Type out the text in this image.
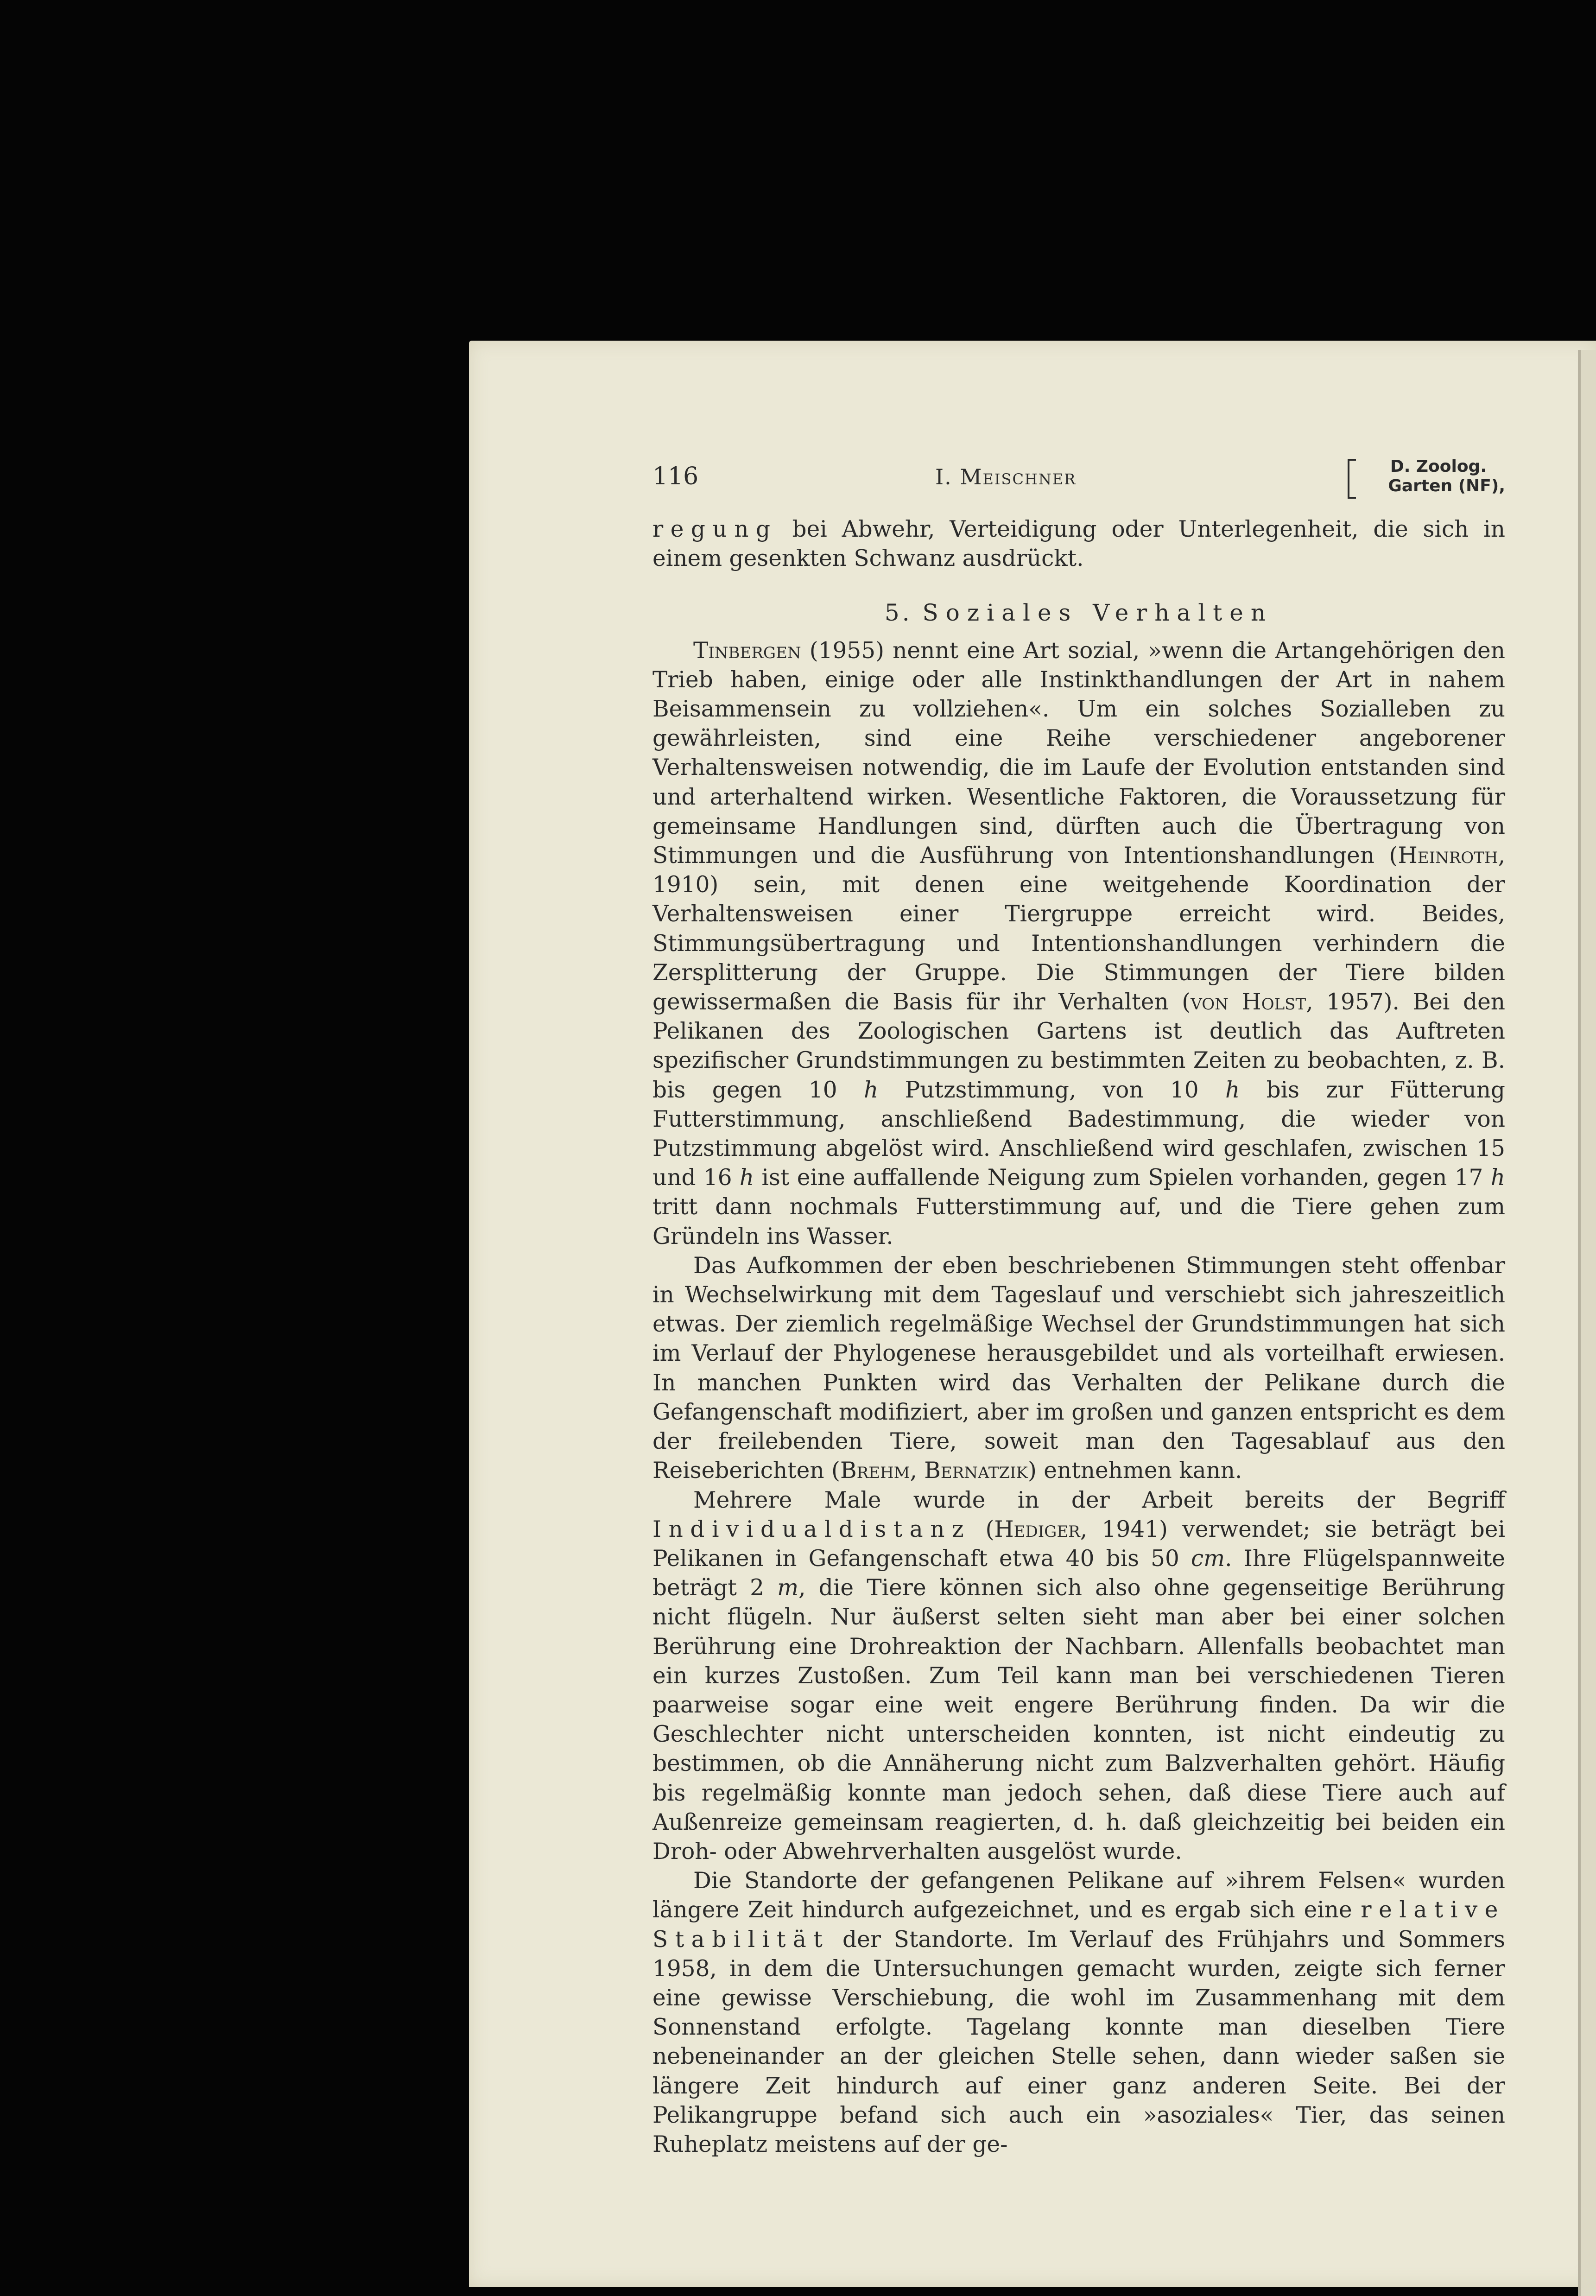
116	I. Meischner	D. Zoolog.
Garten (NF),

regung bei Abwehr, Verteidigung oder Unterlegenheit, die sich in einem gesenkten Schwanz ausdrückt.

5. Soziales Verhalten

Tinbergen (1955) nennt eine Art sozial, »wenn die Artangehörigen den Trieb haben, einige oder alle Instinkthandlungen der Art in nahem Beisammensein zu vollziehen«. Um ein solches Sozialleben zu gewährleisten, sind eine Reihe verschiedener angeborener Verhaltensweisen notwendig, die im Laufe der Evolution entstanden sind und arterhaltend wirken. Wesentliche Faktoren, die Voraussetzung für gemeinsame Handlungen sind, dürften auch die Übertragung von Stimmungen und die Ausführung von Intentionshandlungen (Heinroth, 1910) sein, mit denen eine weitgehende Koordination der Verhaltensweisen einer Tiergruppe erreicht wird. Beides, Stimmungsübertragung und Intentionshandlungen verhindern die Zersplitterung der Gruppe. Die Stimmungen der Tiere bilden gewissermaßen die Basis für ihr Verhalten (von Holst, 1957). Bei den Pelikanen des Zoologischen Gartens ist deutlich das Auftreten spezifischer Grundstimmungen zu bestimmten Zeiten zu beobachten, z. B. bis gegen 10 h Putzstimmung, von 10 h bis zur Fütterung Futterstimmung, anschließend Badestimmung, die wieder von Putzstimmung abgelöst wird. Anschließend wird geschlafen, zwischen 15 und 16 h ist eine auffallende Neigung zum Spielen vorhanden, gegen 17 h tritt dann nochmals Futterstimmung auf, und die Tiere gehen zum Gründeln ins Wasser.

Das Aufkommen der eben beschriebenen Stimmungen steht offenbar in Wechselwirkung mit dem Tageslauf und verschiebt sich jahreszeitlich etwas. Der ziemlich regelmäßige Wechsel der Grundstimmungen hat sich im Verlauf der Phylogenese herausgebildet und als vorteilhaft erwiesen. In manchen Punkten wird das Verhalten der Pelikane durch die Gefangenschaft modifiziert, aber im großen und ganzen entspricht es dem der freilebenden Tiere, soweit man den Tagesablauf aus den Reiseberichten (Brehm, Bernatzik) entnehmen kann.

Mehrere Male wurde in der Arbeit bereits der Begriff Individualdistanz (Hediger, 1941) verwendet; sie beträgt bei Pelikanen in Gefangenschaft etwa 40 bis 50 cm. Ihre Flügelspannweite beträgt 2 m, die Tiere können sich also ohne gegenseitige Berührung nicht flügeln. Nur äußerst selten sieht man aber bei einer solchen Berührung eine Drohreaktion der Nachbarn. Allenfalls beobachtet man ein kurzes Zustoßen. Zum Teil kann man bei verschiedenen Tieren paarweise sogar eine weit engere Berührung finden. Da wir die Geschlechter nicht unterscheiden konnten, ist nicht eindeutig zu bestimmen, ob die Annäherung nicht zum Balzverhalten gehört. Häufig bis regelmäßig konnte man jedoch sehen, daß diese Tiere auch auf Außenreize gemeinsam reagierten, d. h. daß gleichzeitig bei beiden ein Droh- oder Abwehrverhalten ausgelöst wurde.

Die Standorte der gefangenen Pelikane auf »ihrem Felsen« wurden längere Zeit hindurch aufgezeichnet, und es ergab sich eine relative Stabilität der Standorte. Im Verlauf des Frühjahrs und Sommers 1958, in dem die Untersuchungen gemacht wurden, zeigte sich ferner eine gewisse Verschiebung, die wohl im Zusammenhang mit dem Sonnenstand erfolgte. Tagelang konnte man dieselben Tiere nebeneinander an der gleichen Stelle sehen, dann wieder saßen sie längere Zeit hindurch auf einer ganz anderen Seite. Bei der Pelikangruppe befand sich auch ein »asoziales« Tier, das seinen Ruheplatz meistens auf der ge-
